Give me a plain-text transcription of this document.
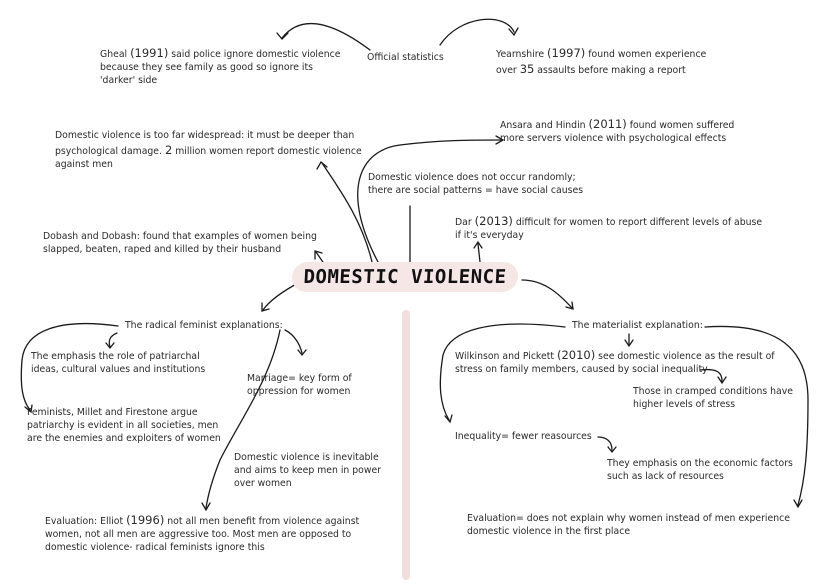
Official statistics
Gheal (1991) said police ignore domestic violence
because they see family as good so ignore its
'darker' side
Yearnshire (1997) found women experience
over 35 assaults before making a report
Domestic violence is too far widespread: it must be deeper than
psychological damage. 2 million women report domestic violence
against men
Ansara and Hindin (2011) found women suffered
more servers violence with psychological effects
Domestic violence does not occur randomly;
there are social patterns = have social causes
Dar (2013) difficult for women to report different levels of abuse
if it's everyday
Dobash and Dobash: found that examples of women being
slapped, beaten, raped and killed by their husband
DOMESTIC VIOLENCE
The radical feminist explanations:
The emphasis the role of patriarchal
ideas, cultural values and institutions
Marriage= key form of
oppression for women
Feminists, Millet and Firestone argue
patriarchy is evident in all societies, men
are the enemies and exploiters of women
Domestic violence is inevitable
and aims to keep men in power
over women
Evaluation: Elliot (1996) not all men benefit from violence against
women, not all men are aggressive too. Most men are opposed to
domestic violence- radical feminists ignore this
The materialist explanation:
Wilkinson and Pickett (2010) see domestic violence as the result of
stress on family members, caused by social inequality
Those in cramped conditions have
higher levels of stress
Inequality= fewer reasources
They emphasis on the economic factors
such as lack of resources
Evaluation= does not explain why women instead of men experience
domestic violence in the first place
